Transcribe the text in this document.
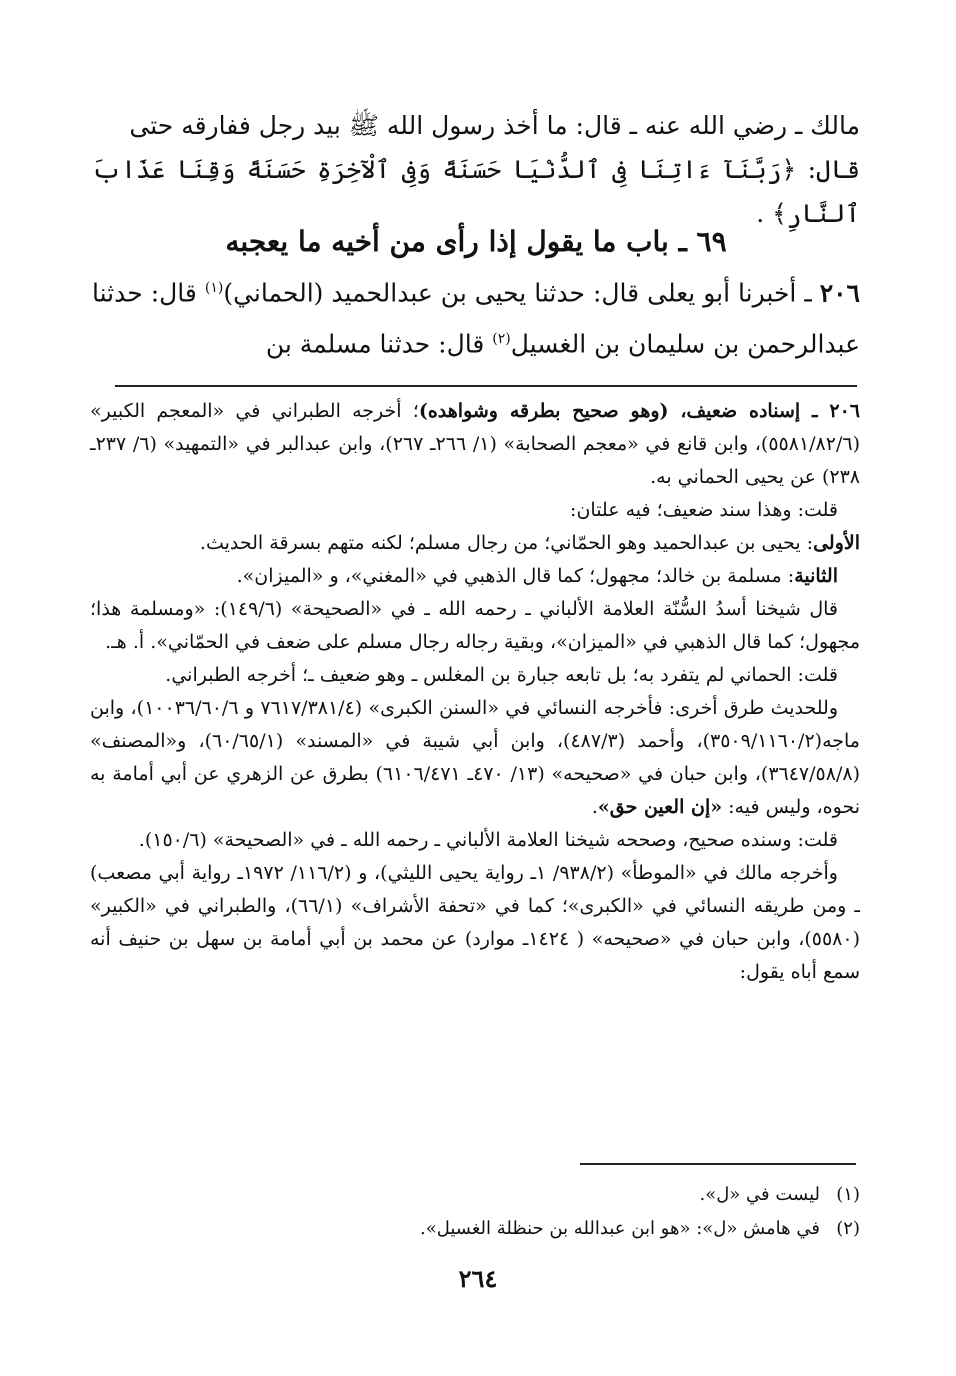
مالك ـ رضي الله عنه ـ قال: ما أخذ رسول الله ﷺ بيد رجل ففارقه حتى

قال: ﴿رَبَّنَآ ءَاتِنَا فِى ٱلدُّنْيَا حَسَنَةً وَفِى ٱلْآخِرَةِ حَسَنَةً وَقِنَا عَذَابَ ٱلنَّارِ﴾ .

٦٩ ـ باب ما يقول إذا رأى من أخيه ما يعجبه

٢٠٦ ـ أخبرنا أبو يعلى قال: حدثنا يحيى بن عبدالحميد (الحماني)$^{(١)}$ قال: حدثنا عبدالرحمن بن سليمان بن الغسيل$^{(٢)}$ قال: حدثنا مسلمة بن

٢٠٦ ـ إسناده ضعيف، (وهو صحيح بطرقه وشواهده)؛ أخرجه الطبراني في «المعجم الكبير» (٥٥٨١/٨٢/٦)، وابن قانع في «معجم الصحابة» (١/ ٢٦٦ـ ٢٦٧)، وابن عبدالبر في «التمهيد» (٦/ ٢٣٧ـ ٢٣٨) عن يحيى الحماني به.

قلت: وهذا سند ضعيف؛ فيه علتان:

الأولى: يحيى بن عبدالحميد وهو الحمّاني؛ من رجال مسلم؛ لكنه متهم بسرقة الحديث.

الثانية: مسلمة بن خالد؛ مجهول؛ كما قال الذهبي في «المغني»، و «الميزان».

قال شيخنا أسدُ السُّنّة العلامة الألباني ـ رحمه الله ـ في «الصحيحة» (١٤٩/٦): «ومسلمة هذا؛ مجهول؛ كما قال الذهبي في «الميزان»، وبقية رجاله رجال مسلم على ضعف في الحمّاني». أ. هـ.

قلت: الحماني لم يتفرد به؛ بل تابعه جبارة بن المغلس ـ وهو ضعيف ـ؛ أخرجه الطبراني.

وللحديث طرق أخرى: فأخرجه النسائي في «السنن الكبرى» (٧٦١٧/٣٨١/٤ و ١٠٠٣٦/٦٠/٦)، وابن ماجه(٣٥٠٩/١١٦٠/٢)، وأحمد (٤٨٧/٣)، وابن أبي شيبة في «المسند» (٦٠/٦٥/١)، و«المصنف» (٣٦٤٧/٥٨/٨)، وابن حبان في «صحيحه» (١٣/ ٤٧٠ـ ٦١٠٦/٤٧١) بطرق عن الزهري عن أبي أمامة به نحوه، وليس فيه: «إن العين حق».

قلت: وسنده صحيح، وصححه شيخنا العلامة الألباني ـ رحمه الله ـ في «الصحيحة» (١٥٠/٦).

وأخرجه مالك في «الموطأ» (٩٣٨/٢/ ١ـ رواية يحيى الليثي)، و (١١٦/٢/ ١٩٧٢ـ رواية أبي مصعب) ـ ومن طريقه النسائي في «الكبرى»؛ كما في «تحفة الأشراف» (٦٦/١)، والطبراني في «الكبير» (٥٥٨٠)، وابن حبان في «صحيحه» ( ١٤٢٤ـ موارد) عن محمد بن أبي أمامة بن سهل بن حنيف أنه سمع أباه يقول:

(١)ليست في «ل».

(٢)في هامش «ل»: «هو ابن عبدالله بن حنظلة الغسيل».

٢٦٤
